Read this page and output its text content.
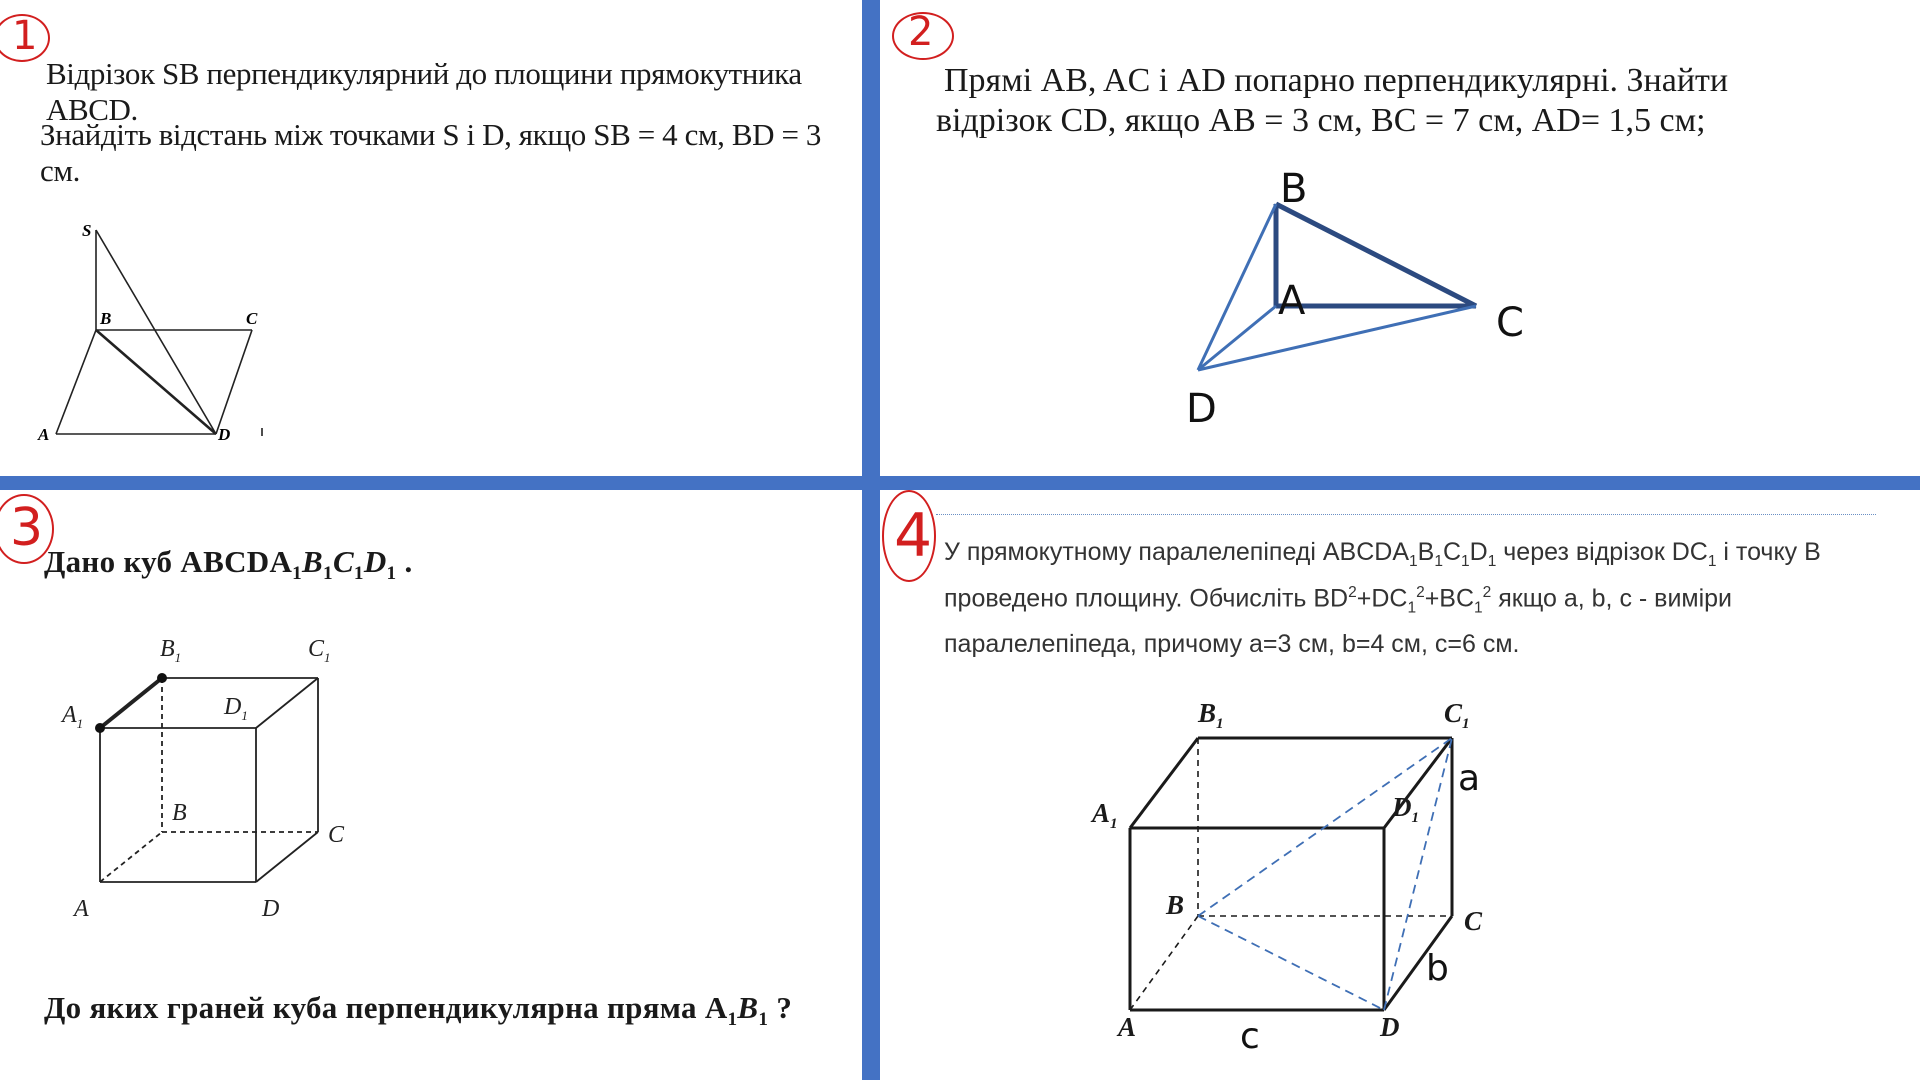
1
Відрізок SB перпендикулярний до площини прямокутника ABCD.
Знайдіть відстань між точками S і D, якщо SB = 4 см, BD = 3 см.
S
B	C
A	D
2
Прямі AB, AC і AD попарно перпендикулярні. Знайти
відрізок CD, якщо AB = 3 см, BC = 7 см, AD= 1,5 см;
B
A	C
D
3
Дано куб $ABCDA_1B_1C_1D_1$ .
$B_1$	$C_1$
$A_1$
$D_1$
B
C
A	D
До яких граней куба перпендикулярна пряма $A_1B_1$ ?
4 У прямокутному паралелепіпеді $ABCDA_1B_1C_1D_1$ через відрізок $DC_1$ і точку B
проведено площину. Обчисліть $BD^2+DC_1^2+BC_1^2$ якщо a, b, c - виміри
паралелепіпеда, причому a=3 см, b=4 см, c=6 см.
$B_1$	$C_1$
$A_1$
$D_1$
B
C
A	D
a
b
c
